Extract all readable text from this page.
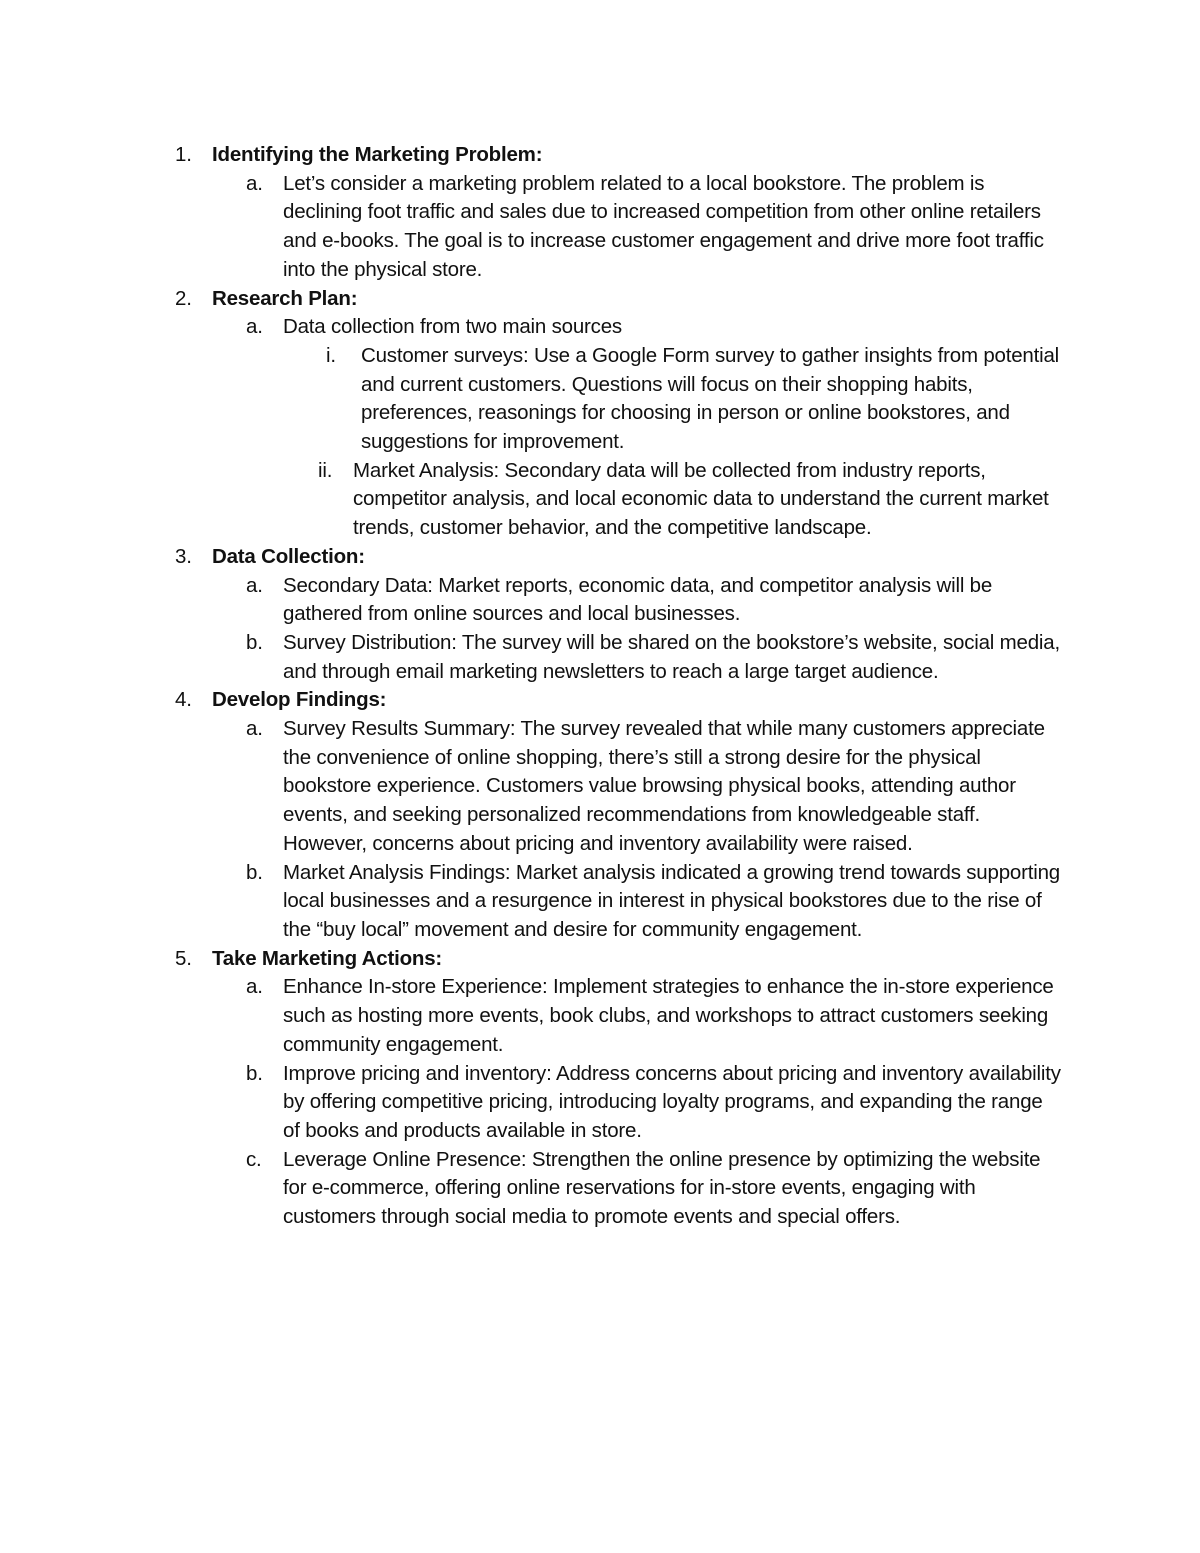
1. Identifying the Marketing Problem:
a. Let’s consider a marketing problem related to a local bookstore. The problem is declining foot traffic and sales due to increased competition from other online retailers and e-books. The goal is to increase customer engagement and drive more foot traffic into the physical store.
2. Research Plan:
a. Data collection from two main sources
i.	Customer surveys: Use a Google Form survey to gather insights from potential and current customers. Questions will focus on their shopping habits, preferences, reasonings for choosing in person or online bookstores, and suggestions for improvement.
ii.	Market Analysis: Secondary data will be collected from industry reports, competitor analysis, and local economic data to understand the current market trends, customer behavior, and the competitive landscape.
3. Data Collection:
a. Secondary Data: Market reports, economic data, and competitor analysis will be gathered from online sources and local businesses.
b. Survey Distribution: The survey will be shared on the bookstore’s website, social media, and through email marketing newsletters to reach a large target audience.
4. Develop Findings:
a. Survey Results Summary: The survey revealed that while many customers appreciate the convenience of online shopping, there’s still a strong desire for the physical bookstore experience. Customers value browsing physical books, attending author events, and seeking personalized recommendations from knowledgeable staff. However, concerns about pricing and inventory availability were raised.
b. Market Analysis Findings: Market analysis indicated a growing trend towards supporting local businesses and a resurgence in interest in physical bookstores due to the rise of the “buy local” movement and desire for community engagement.
5. Take Marketing Actions:
a. Enhance In-store Experience: Implement strategies to enhance the in-store experience such as hosting more events, book clubs, and workshops to attract customers seeking community engagement.
b. Improve pricing and inventory: Address concerns about pricing and inventory availability by offering competitive pricing, introducing loyalty programs, and expanding the range of books and products available in store.
c.	Leverage Online Presence: Strengthen the online presence by optimizing the website for e-commerce, offering online reservations for in-store events, engaging with customers through social media to promote events and special offers.
